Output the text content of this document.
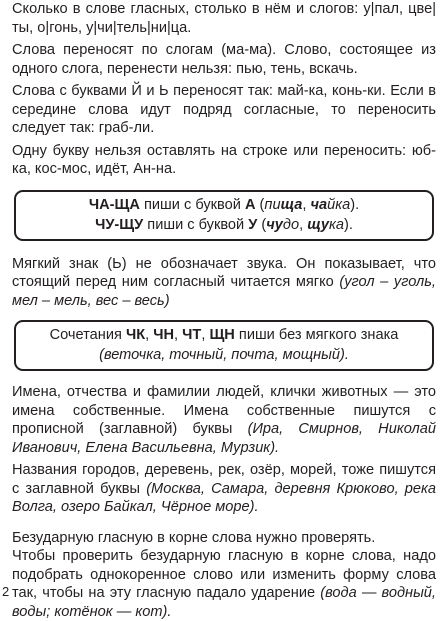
Сколько в слове гласных, столько в нём и слогов: у|пал, цве|ты, о|гонь, у|чи|тель|ни|ца.

Слова переносят по слогам (ма-ма). Слово, состоящее из одного слога, перенести нельзя: пью, тень, вскачь.

Слова с буквами Й и Ь переносят так: май-ка, конь-ки. Если в середине слова идут подряд согласные, то переносить следует так: граб-ли.

Одну букву нельзя оставлять на строке или переносить: юб-ка, кос-мос, идёт, Ан-на.

ЧА-ЩА пиши с буквой А (пища, чайка).

ЧУ-ЩУ пиши с буквой У (чудо, щука).

Мягкий знак (Ь) не обозначает звука. Он показывает, что стоящий перед ним согласный читается мягко (угол – уголь, мел – мель, вес – весь)

Сочетания ЧК, ЧН, ЧТ, ЩН пиши без мягкого знака
(веточка, точный, почта, мощный).

Имена, отчества и фамилии людей, клички животных — это имена собственные. Имена собственные пишутся с прописной (заглавной) буквы (Ира, Смирнов, Николай Иванович, Елена Васильевна, Мурзик).

Названия городов, деревень, рек, озёр, морей, тоже пишутся с заглавной буквы (Москва, Самара, деревня Крюково, река Волга, озеро Байкал, Чёрное море).

Безударную гласную в корне слова нужно проверять.

Чтобы проверить безударную гласную в корне слова, надо подобрать однокоренное слово или изменить форму слова так, чтобы на эту гласную падало ударение (вода — водный, воды; котёнок — кот).

2
